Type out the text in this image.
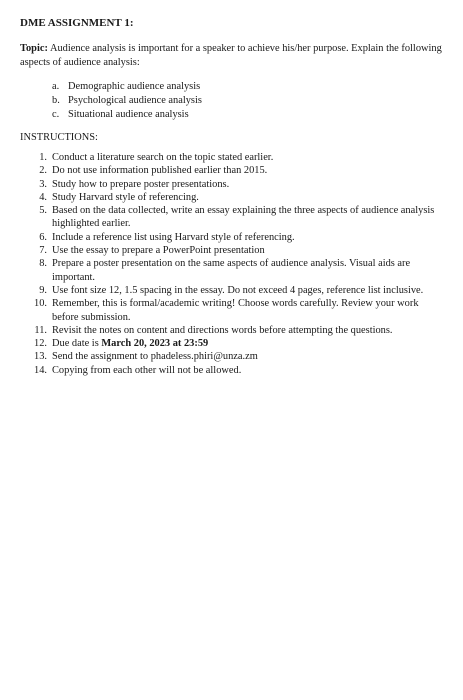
DME ASSIGNMENT 1:
Topic: Audience analysis is important for a speaker to achieve his/her purpose. Explain the following aspects of audience analysis:
a. Demographic audience analysis
b. Psychological audience analysis
c. Situational audience analysis
INSTRUCTIONS:
1. Conduct a literature search on the topic stated earlier.
2. Do not use information published earlier than 2015.
3. Study how to prepare poster presentations.
4. Study Harvard style of referencing.
5. Based on the data collected, write an essay explaining the three aspects of audience analysis highlighted earlier.
6. Include a reference list using Harvard style of referencing.
7. Use the essay to prepare a PowerPoint presentation
8. Prepare a poster presentation on the same aspects of audience analysis. Visual aids are important.
9. Use font size 12, 1.5 spacing in the essay. Do not exceed 4 pages, reference list inclusive.
10. Remember, this is formal/academic writing! Choose words carefully. Review your work before submission.
11. Revisit the notes on content and directions words before attempting the questions.
12. Due date is March 20, 2023 at 23:59
13. Send the assignment to phadeless.phiri@unza.zm
14. Copying from each other will not be allowed.
